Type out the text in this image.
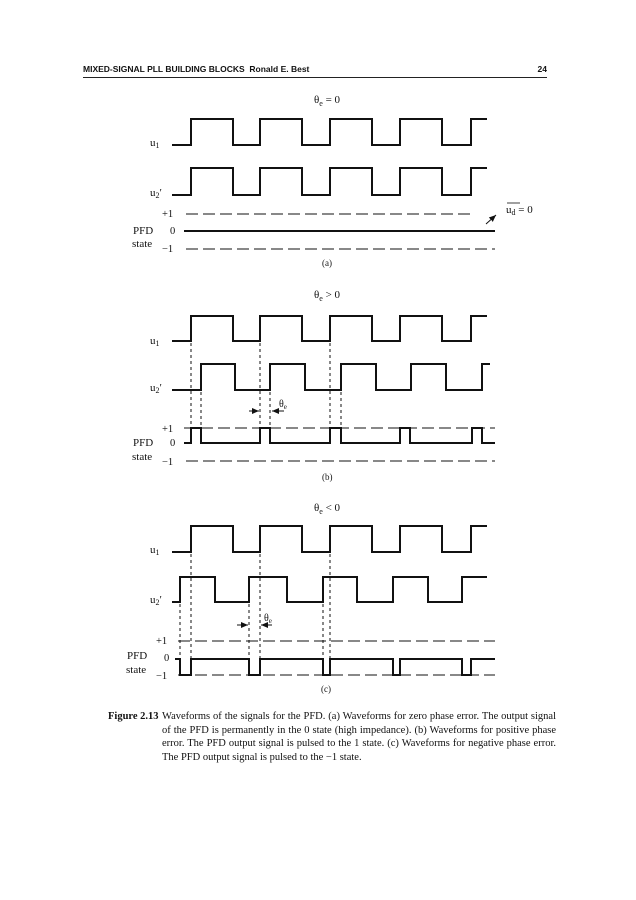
MIXED-SIGNAL PLL BUILDING BLOCKS Ronald E. Best	24
$\theta_e = 0$
u1
u2′
+1
PFD 0
state −1
ud = 0
(a)
$\theta_e > 0$
u1
u2′
$\theta_e$
+1
PFD 0
state −1
(b)
$\theta_e < 0$
u1
u2′
$\theta_e$
+1
PFD 0
state
−1
(c)
Figure 2.13 Waveforms of the signals for the PFD. (a) Waveforms for zero phase error. The output signal of the PFD is permanently in the 0 state (high impedance). (b) Waveforms for positive phase error. The PFD output signal is pulsed to the 1 state. (c) Waveforms for negative phase error. The PFD output signal is pulsed to the −1 state.
